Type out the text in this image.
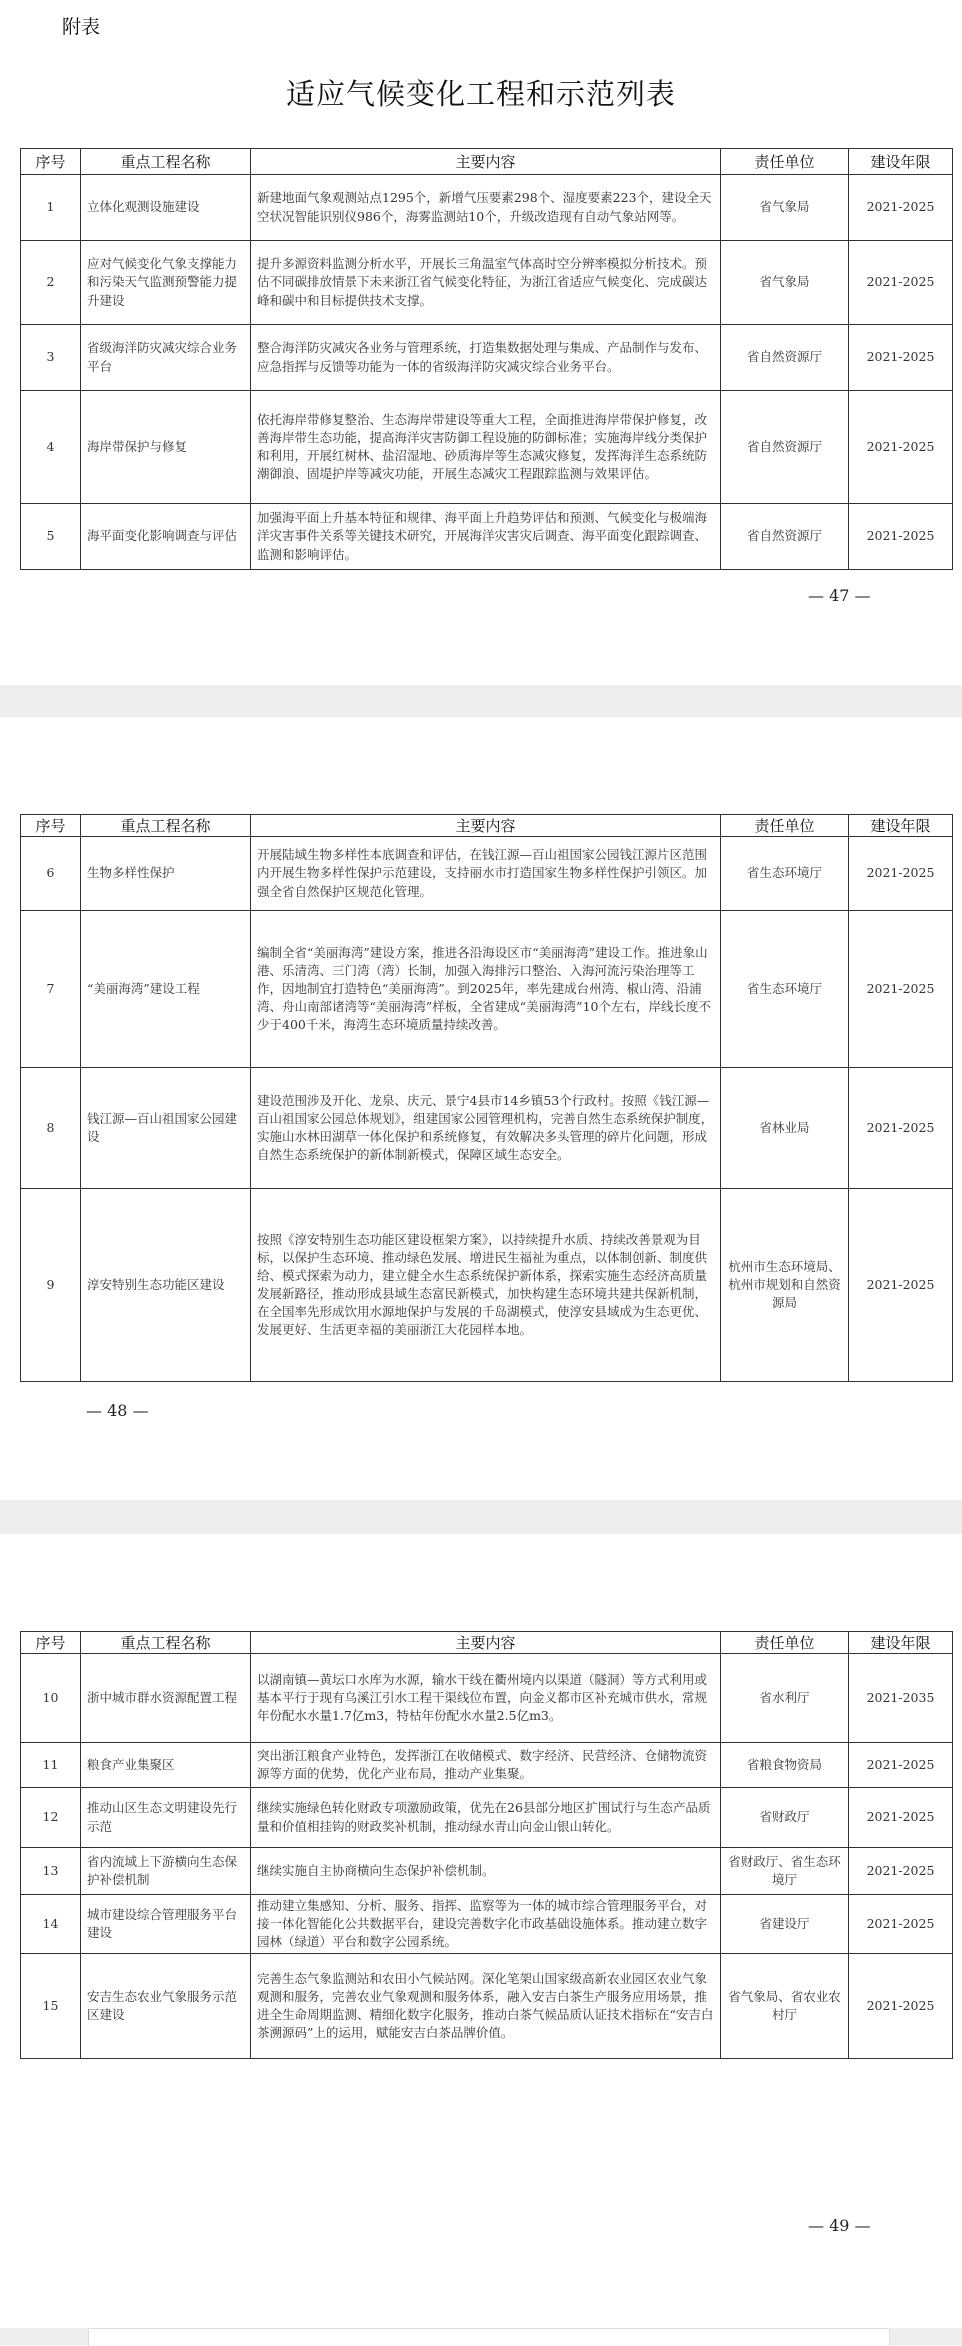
附表
适应气候变化工程和示范列表
序号	重点工程名称	主要内容	责任单位	建设年限
1	立体化观测设施建设	新建地面气象观测站点1295个，新增气压要素298个、湿度要素223个，建设全天空状况智能识别仪986个，海雾监测站10个，升级改造现有自动气象站网等。	省气象局	2021-2025
2	应对气候变化气象支撑能力和污染天气监测预警能力提升建设	提升多源资料监测分析水平，开展长三角温室气体高时空分辨率模拟分析技术。预估不同碳排放情景下未来浙江省气候变化特征，为浙江省适应气候变化、完成碳达峰和碳中和目标提供技术支撑。	省气象局	2021-2025
3	省级海洋防灾减灾综合业务平台	整合海洋防灾减灾各业务与管理系统，打造集数据处理与集成、产品制作与发布、应急指挥与反馈等功能为一体的省级海洋防灾减灾综合业务平台。	省自然资源厅	2021-2025
4	海岸带保护与修复	依托海岸带修复整治、生态海岸带建设等重大工程，全面推进海岸带保护修复，改善海岸带生态功能，提高海洋灾害防御工程设施的防御标准；实施海岸线分类保护和利用，开展红树林、盐沼湿地、砂质海岸等生态减灾修复，发挥海洋生态系统防潮御浪、固堤护岸等减灾功能，开展生态减灾工程跟踪监测与效果评估。	省自然资源厅	2021-2025
5	海平面变化影响调查与评估	加强海平面上升基本特征和规律、海平面上升趋势评估和预测、气候变化与极端海洋灾害事件关系等关键技术研究，开展海洋灾害灾后调查、海平面变化跟踪调查、监测和影响评估。	省自然资源厅	2021-2025
— 47 —
序号	重点工程名称	主要内容	责任单位	建设年限
6	生物多样性保护	开展陆域生物多样性本底调查和评估，在钱江源—百山祖国家公园钱江源片区范围内开展生物多样性保护示范建设，支持丽水市打造国家生物多样性保护引领区。加强全省自然保护区规范化管理。	省生态环境厅	2021-2025
7	“美丽海湾”建设工程	编制全省“美丽海湾”建设方案，推进各沿海设区市“美丽海湾”建设工作。推进象山港、乐清湾、三门湾（湾）长制，加强入海排污口整治、入海河流污染治理等工作，因地制宜打造特色“美丽海湾”。到2025年，率先建成台州湾、椒山湾、沿浦湾、舟山南部诸湾等“美丽海湾”样板，全省建成“美丽海湾”10个左右，岸线长度不少于400千米，海湾生态环境质量持续改善。	省生态环境厅	2021-2025
8	钱江源—百山祖国家公园建设	建设范围涉及开化、龙泉、庆元、景宁4县市14乡镇53个行政村。按照《钱江源—百山祖国家公园总体规划》，组建国家公园管理机构，完善自然生态系统保护制度，实施山水林田湖草一体化保护和系统修复，有效解决多头管理的碎片化问题，形成自然生态系统保护的新体制新模式，保障区域生态安全。	省林业局	2021-2025
9	淳安特别生态功能区建设	按照《淳安特别生态功能区建设框架方案》，以持续提升水质、持续改善景观为目标，以保护生态环境、推动绿色发展、增进民生福祉为重点，以体制创新、制度供给、模式探索为动力，建立健全水生态系统保护新体系，探索实施生态经济高质量发展新路径，推动形成县域生态富民新模式，加快构建生态环境共建共保新机制，在全国率先形成饮用水源地保护与发展的千岛湖模式，使淳安县域成为生态更优、发展更好、生活更幸福的美丽浙江大花园样本地。	杭州市生态环境局、杭州市规划和自然资源局	2021-2025
— 48 —
序号	重点工程名称	主要内容	责任单位	建设年限
10	浙中城市群水资源配置工程	以湖南镇—黄坛口水库为水源，输水干线在衢州境内以渠道（隧洞）等方式利用或基本平行于现有乌溪江引水工程干渠线位布置，向金义都市区补充城市供水，常规年份配水水量1.7亿m3，特枯年份配水水量2.5亿m3。	省水利厅	2021-2035
11	粮食产业集聚区	突出浙江粮食产业特色，发挥浙江在收储模式、数字经济、民营经济、仓储物流资源等方面的优势，优化产业布局，推动产业集聚。	省粮食物资局	2021-2025
12	推动山区生态文明建设先行示范	继续实施绿色转化财政专项激励政策，优先在26县部分地区扩围试行与生态产品质量和价值相挂钩的财政奖补机制，推动绿水青山向金山银山转化。	省财政厅	2021-2025
13	省内流域上下游横向生态保护补偿机制	继续实施自主协商横向生态保护补偿机制。	省财政厅、省生态环境厅	2021-2025
14	城市建设综合管理服务平台建设	推动建立集感知、分析、服务、指挥、监察等为一体的城市综合管理服务平台，对接一体化智能化公共数据平台，建设完善数字化市政基础设施体系。推动建立数字园林（绿道）平台和数字公园系统。	省建设厅	2021-2025
15	安吉生态农业气象服务示范区建设	完善生态气象监测站和农田小气候站网。深化笔架山国家级高新农业园区农业气象观测和服务，完善农业气象观测和服务体系，融入安吉白茶生产服务应用场景，推进全生命周期监测、精细化数字化服务，推动白茶气候品质认证技术指标在“安吉白茶溯源码”上的运用，赋能安吉白茶品牌价值。	省气象局、省农业农村厅	2021-2025
— 49 —
